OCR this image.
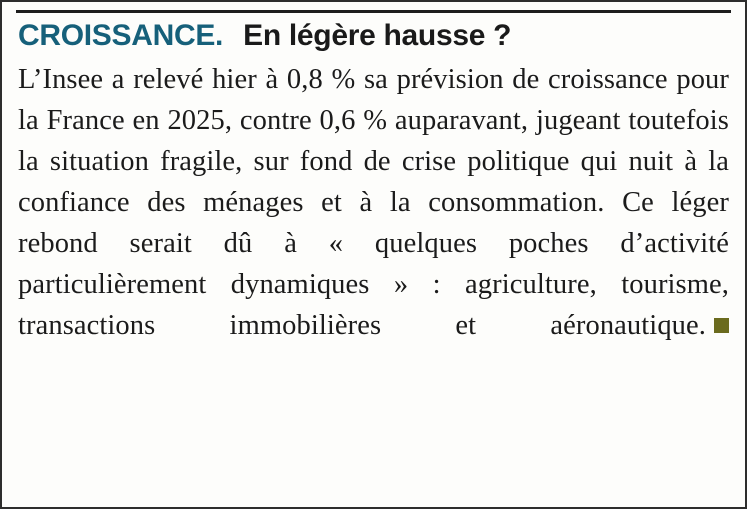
CROISSANCE. En légère hausse ?

L’Insee a relevé hier à 0,8 % sa prévision de croissance pour la France en 2025, contre 0,6 % auparavant, jugeant toutefois la situation fragile, sur fond de crise politique qui nuit à la confiance des ménages et à la consommation. Ce léger rebond serait dû à « quelques poches d’activité particulièrement dynamiques » : agriculture, tourisme, transactions immobilières et aéronautique.
